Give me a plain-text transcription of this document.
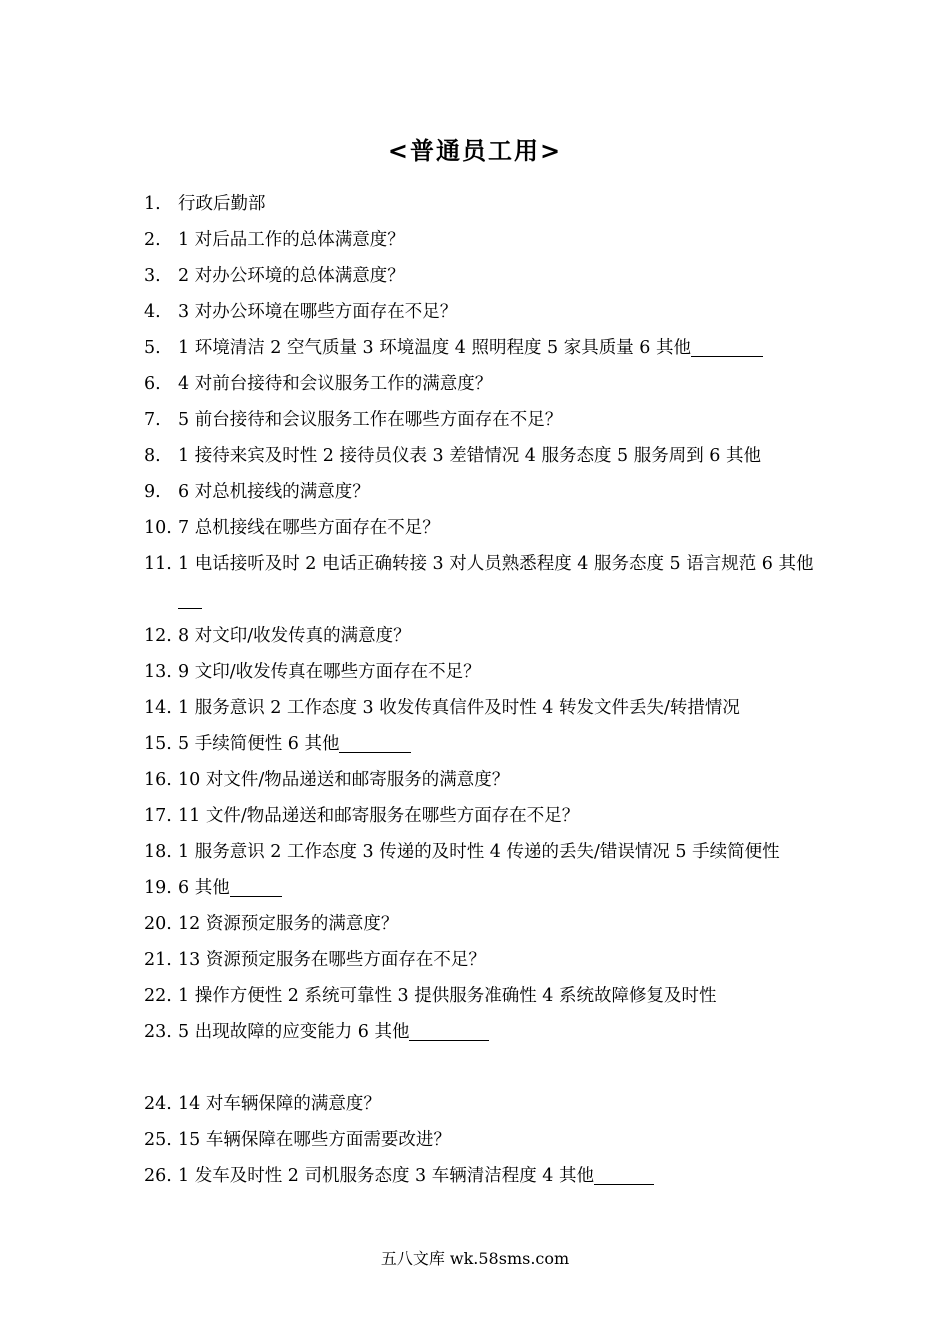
<普通员工用>
1. 行政后勤部
2. 1 对后品工作的总体满意度？
3. 2 对办公环境的总体满意度？
4. 3 对办公环境在哪些方面存在不足？
5. 1 环境清洁 2 空气质量 3 环境温度 4 照明程度 5 家具质量 6 其他
6. 4 对前台接待和会议服务工作的满意度？
7. 5 前台接待和会议服务工作在哪些方面存在不足？
8. 1 接待来宾及时性 2 接待员仪表 3 差错情况 4 服务态度 5 服务周到 6 其他
9. 6 对总机接线的满意度？
10. 7 总机接线在哪些方面存在不足？
11. 1 电话接听及时 2 电话正确转接 3 对人员熟悉程度 4 服务态度 5 语言规范 6 其他
12. 8 对文印/收发传真的满意度？
13. 9 文印/收发传真在哪些方面存在不足？
14. 1 服务意识 2 工作态度 3 收发传真信件及时性 4 转发文件丢失/转措情况
15. 5 手续简便性 6 其他
16. 10 对文件/物品递送和邮寄服务的满意度？
17. 11 文件/物品递送和邮寄服务在哪些方面存在不足？
18. 1 服务意识 2 工作态度 3 传递的及时性 4 传递的丢失/错误情况 5 手续简便性
19. 6 其他
20. 12 资源预定服务的满意度？
21. 13 资源预定服务在哪些方面存在不足？
22. 1 操作方便性 2 系统可靠性 3 提供服务准确性 4 系统故障修复及时性
23. 5 出现故障的应变能力 6 其他
24. 14 对车辆保障的满意度？
25. 15 车辆保障在哪些方面需要改进？
26. 1 发车及时性 2 司机服务态度 3 车辆清洁程度 4 其他
五八文库 wk.58sms.com
